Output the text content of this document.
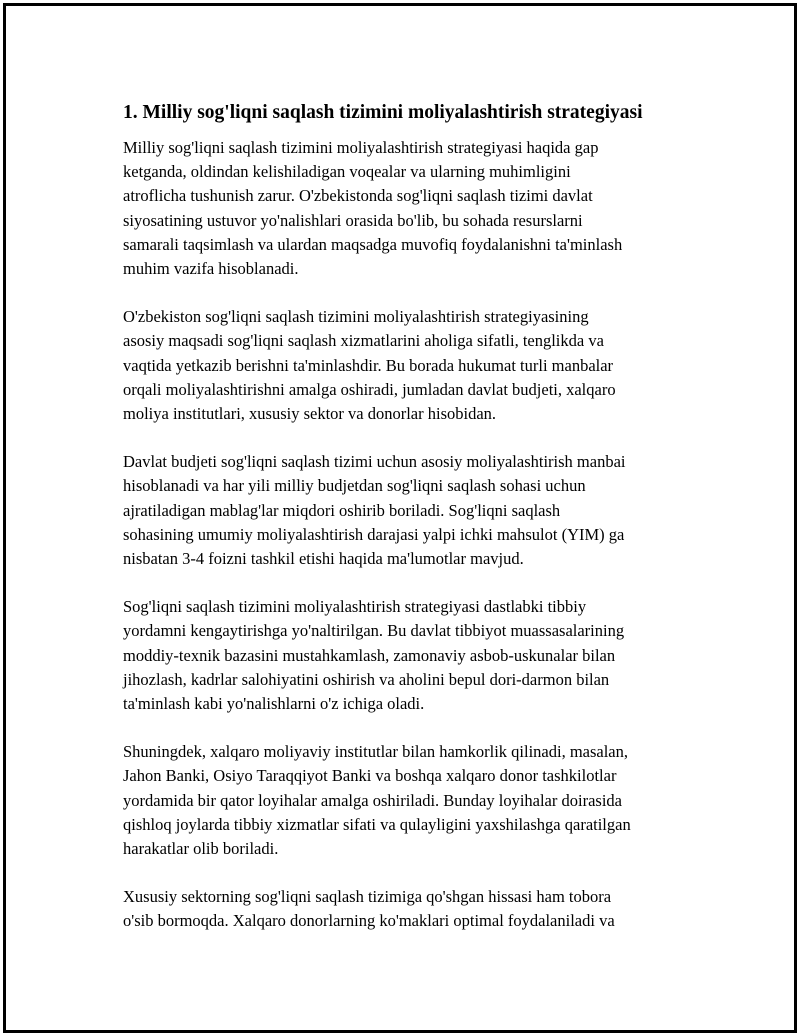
1. Milliy sog'liqni saqlash tizimini moliyalashtirish strategiyasi

Milliy sog'liqni saqlash tizimini moliyalashtirish strategiyasi haqida gap
ketganda, oldindan kelishiladigan voqealar va ularning muhimligini
atroflicha tushunish zarur. O'zbekistonda sog'liqni saqlash tizimi davlat
siyosatining ustuvor yo'nalishlari orasida bo'lib, bu sohada resurslarni
samarali taqsimlash va ulardan maqsadga muvofiq foydalanishni ta'minlash
muhim vazifa hisoblanadi.

O'zbekiston sog'liqni saqlash tizimini moliyalashtirish strategiyasining
asosiy maqsadi sog'liqni saqlash xizmatlarini aholiga sifatli, tenglikda va
vaqtida yetkazib berishni ta'minlashdir. Bu borada hukumat turli manbalar
orqali moliyalashtirishni amalga oshiradi, jumladan davlat budjeti, xalqaro
moliya institutlari, xususiy sektor va donorlar hisobidan.

Davlat budjeti sog'liqni saqlash tizimi uchun asosiy moliyalashtirish manbai
hisoblanadi va har yili milliy budjetdan sog'liqni saqlash sohasi uchun
ajratiladigan mablag'lar miqdori oshirib boriladi. Sog'liqni saqlash
sohasining umumiy moliyalashtirish darajasi yalpi ichki mahsulot (YIM) ga
nisbatan 3-4 foizni tashkil etishi haqida ma'lumotlar mavjud.

Sog'liqni saqlash tizimini moliyalashtirish strategiyasi dastlabki tibbiy
yordamni kengaytirishga yo'naltirilgan. Bu davlat tibbiyot muassasalarining
moddiy-texnik bazasini mustahkamlash, zamonaviy asbob-uskunalar bilan
jihozlash, kadrlar salohiyatini oshirish va aholini bepul dori-darmon bilan
ta'minlash kabi yo'nalishlarni o'z ichiga oladi.

Shuningdek, xalqaro moliyaviy institutlar bilan hamkorlik qilinadi, masalan,
Jahon Banki, Osiyo Taraqqiyot Banki va boshqa xalqaro donor tashkilotlar
yordamida bir qator loyihalar amalga oshiriladi. Bunday loyihalar doirasida
qishloq joylarda tibbiy xizmatlar sifati va qulayligini yaxshilashga qaratilgan
harakatlar olib boriladi.

Xususiy sektorning sog'liqni saqlash tizimiga qo'shgan hissasi ham tobora
o'sib bormoqda. Xalqaro donorlarning ko'maklari optimal foydalaniladi va
